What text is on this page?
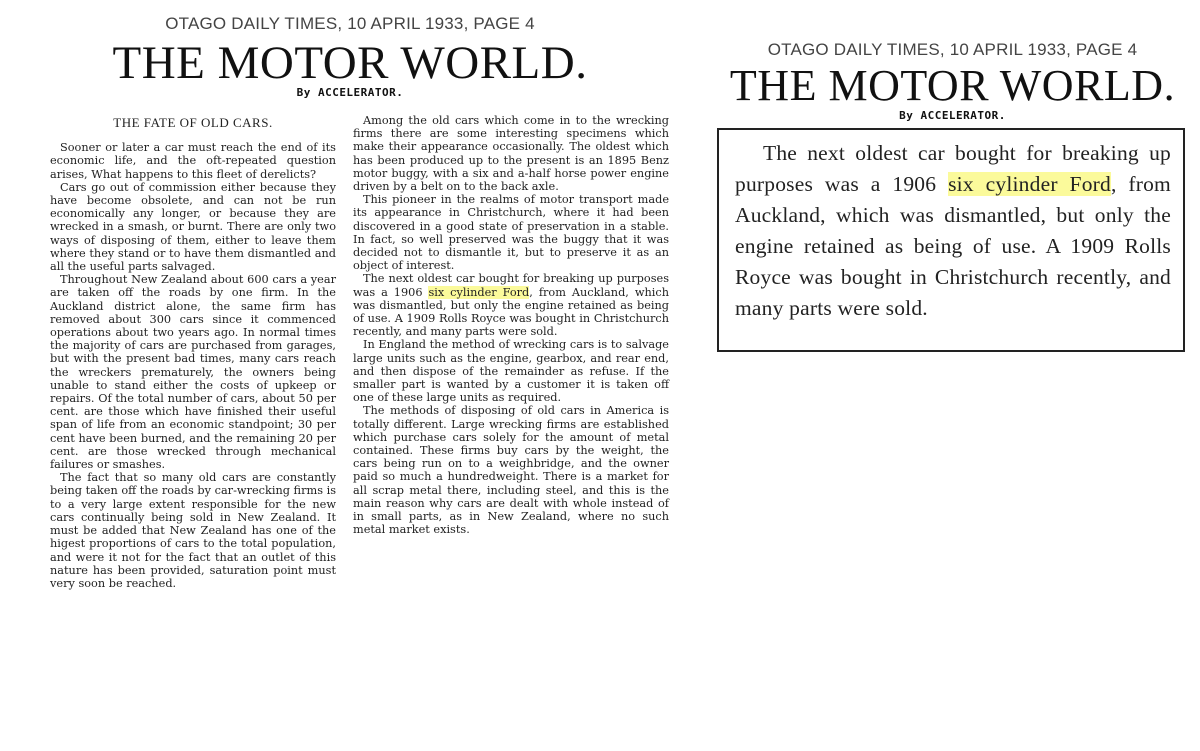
OTAGO DAILY TIMES, 10 APRIL 1933, PAGE 4
THE MOTOR WORLD.
By ACCELERATOR.

THE FATE OF OLD CARS.

Sooner or later a car must reach the end of its economic life, and the oft-repeated question arises, What happens to this fleet of derelicts?

Cars go out of commission either because they have become obsolete, and can not be run economically any longer, or because they are wrecked in a smash, or burnt. There are only two ways of disposing of them, either to leave them where they stand or to have them dismantled and all the useful parts salvaged.

Throughout New Zealand about 600 cars a year are taken off the roads by one firm. In the Auckland district alone, the same firm has removed about 300 cars since it commenced operations about two years ago. In normal times the majority of cars are purchased from garages, but with the present bad times, many cars reach the wreckers prematurely, the owners being unable to stand either the costs of upkeep or repairs. Of the total number of cars, about 50 per cent. are those which have finished their useful span of life from an economic standpoint; 30 per cent have been burned, and the remaining 20 per cent. are those wrecked through mechanical failures or smashes.

The fact that so many old cars are constantly being taken off the roads by car-wrecking firms is to a very large extent responsible for the new cars continually being sold in New Zealand. It must be added that New Zealand has one of the higest proportions of cars to the total population, and were it not for the fact that an outlet of this nature has been provided, saturation point must very soon be reached.

Among the old cars which come in to the wrecking firms there are some interesting specimens which make their appearance occasionally. The oldest which has been produced up to the present is an 1895 Benz motor buggy, with a six and a-half horse power engine driven by a belt on to the back axle.

This pioneer in the realms of motor transport made its appearance in Christchurch, where it had been discovered in a good state of preservation in a stable. In fact, so well preserved was the buggy that it was decided not to dismantle it, but to preserve it as an object of interest.

The next oldest car bought for breaking up purposes was a 1906 six cylinder Ford, from Auckland, which was dismantled, but only the engine retained as being of use. A 1909 Rolls Royce was bought in Christchurch recently, and many parts were sold.

In England the method of wrecking cars is to salvage large units such as the engine, gearbox, and rear end, and then dispose of the remainder as refuse. If the smaller part is wanted by a customer it is taken off one of these large units as required.

The methods of disposing of old cars in America is totally different. Large wrecking firms are established which purchase cars solely for the amount of metal contained. These firms buy cars by the weight, the cars being run on to a weighbridge, and the owner paid so much a hundredweight. There is a market for all scrap metal there, including steel, and this is the main reason why cars are dealt with whole instead of in small parts, as in New Zealand, where no such metal market exists.

OTAGO DAILY TIMES, 10 APRIL 1933, PAGE 4
THE MOTOR WORLD.
By ACCELERATOR.

The next oldest car bought for breaking up purposes was a 1906 six cylinder Ford, from Auckland, which was dismantled, but only the engine retained as being of use. A 1909 Rolls Royce was bought in Christchurch recently, and many parts were sold.
